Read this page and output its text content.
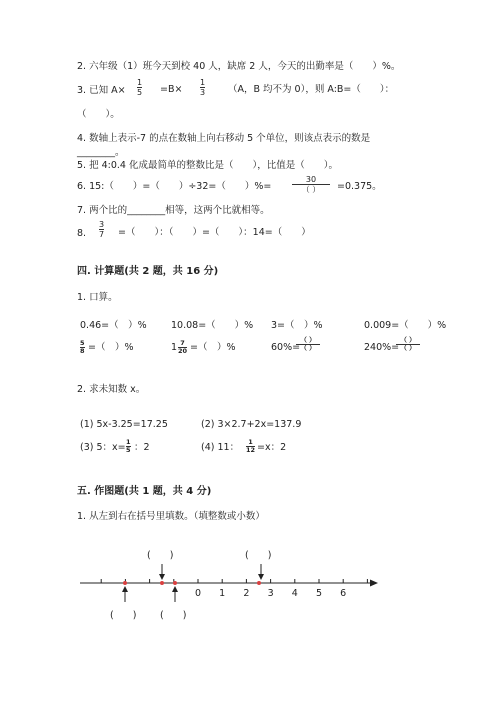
2. 六年级（1）班今天到校 40 人，缺席 2 人，今天的出勤率是（　　）%。
3. 已知 A×
1
5 =B×
1
3 （A，B 均不为 0），则 A:B=（　　）：
（　　）。
4. 数轴上表示-7 的点在数轴上向右移动 5 个单位，则该点表示的数是
________。
5. 把 4:0.4 化成最简单的整数比是（　　），比值是（　　）。
6. 15:（　　）=（　　）÷32=（　　）%=
30
（ ） =0.375。
7. 两个比的________相等，这两个比就相等。
8.
3
7 =（　　）：（　　）=（　　）：14=（　　）
四. 计算题(共 2 题，共 16 分)
1. 口算。
0.46=（　）%	10.08=（　　）% 3=（　）%	0.009=（　　）%
5
8 =（　）%	1 7
20 =（　）%	60%=
（ ）
（ ）	240%=
（ ）
（ ）
2. 求未知数 x。
(1) 5x-3.25=17.25	(2) 3×2.7+2x=137.9
(3) 5：x= 1
5 ：2	(4) 11： 1
12 =x：2
五. 作图题(共 1 题，共 4 分)
1. 从左到右在括号里填数。（填整数或小数）
0 1 2 3 4 5 6
(　　)	(　　)
(　　) (　　)
